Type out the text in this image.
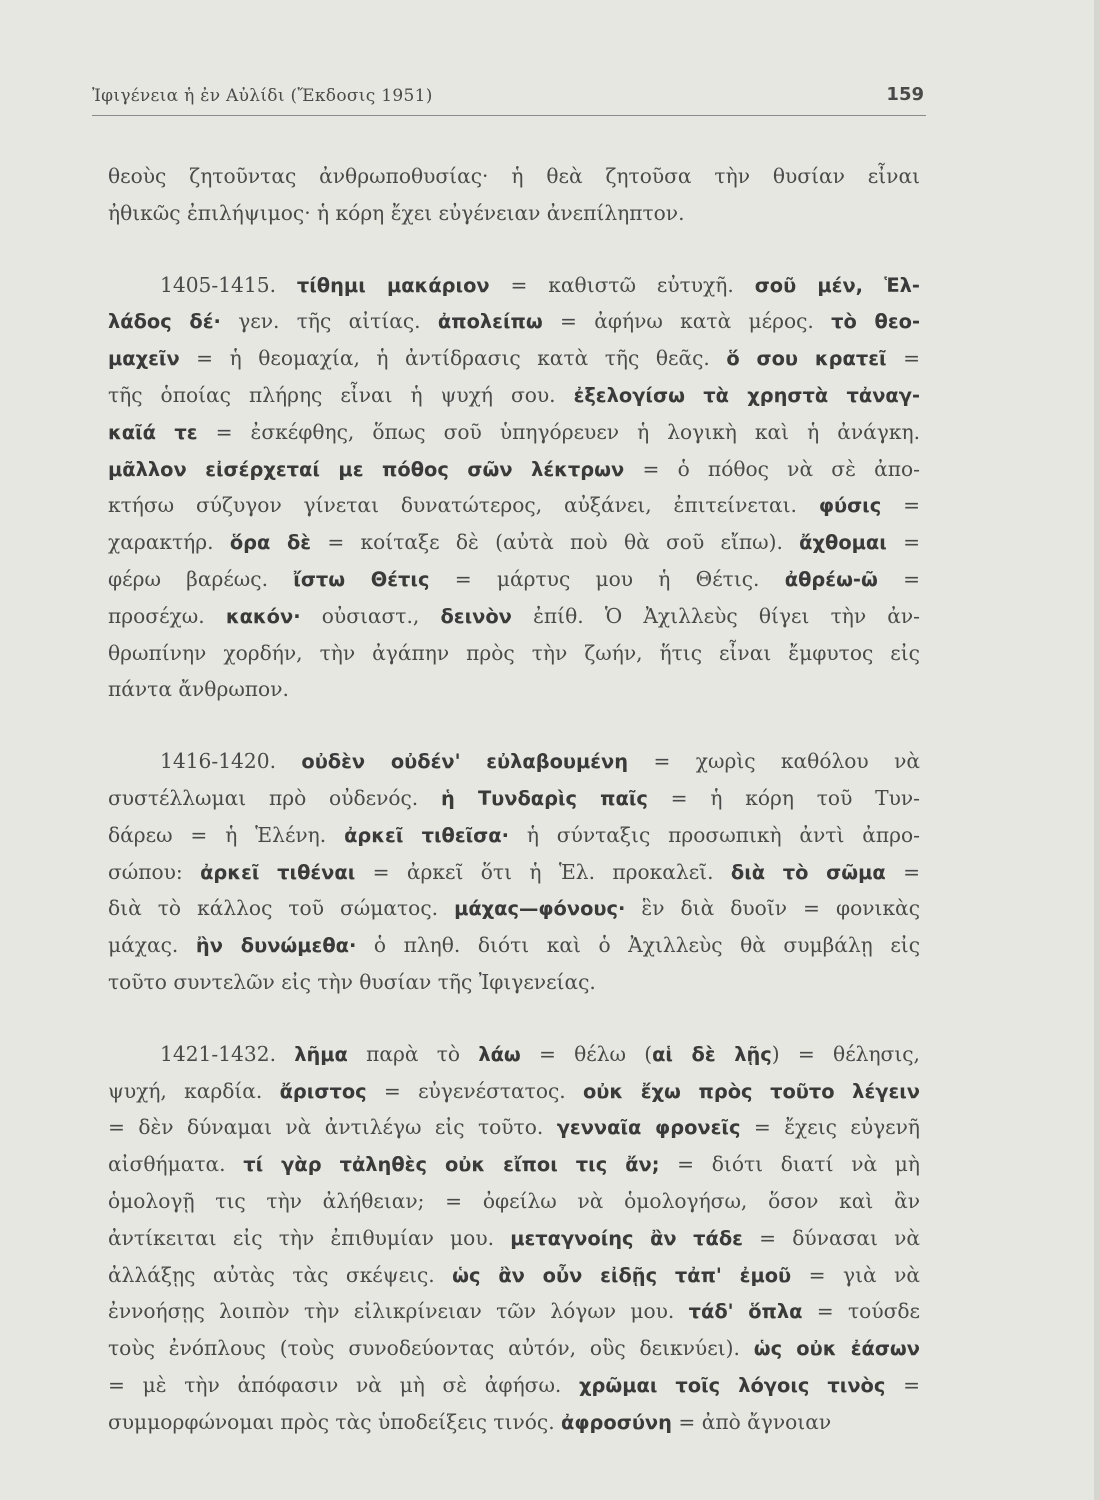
Ἰφιγένεια ἡ ἐν Αὐλίδι (Ἔκδοσις 1951)	159
θεοὺς ζητοῦντας ἀνθρωποθυσίας· ἡ θεὰ ζητοῦσα τὴν θυσίαν εἶναι
ἠθικῶς ἐπιλήψιμος· ἡ κόρη ἔχει εὐγένειαν ἀνεπίληπτον.
1405-1415. τίθημι μακάριον = καθιστῶ εὐτυχῆ. σοῦ μέν, Ἑλ-
λάδος δέ· γεν. τῆς αἰτίας. ἀπολείπω = ἀφήνω κατὰ μέρος. τὸ θεο-
μαχεῖν = ἡ θεομαχία, ἡ ἀντίδρασις κατὰ τῆς θεᾶς. ὅ σου κρατεῖ =
τῆς ὁποίας πλήρης εἶναι ἡ ψυχή σου. ἐξελογίσω τὰ χρηστὰ τἀναγ-
καῖά τε = ἐσκέφθης, ὅπως σοῦ ὑπηγόρευεν ἡ λογικὴ καὶ ἡ ἀνάγκη.
μᾶλλον εἰσέρχεταί με πόθος σῶν λέκτρων = ὁ πόθος νὰ σὲ ἀπο-
κτήσω σύζυγον γίνεται δυνατώτερος, αὐξάνει, ἐπιτείνεται. φύσις =
χαρακτήρ. ὅρα δὲ = κοίταξε δὲ (αὐτὰ ποὺ θὰ σοῦ εἴπω). ἄχθομαι =
φέρω βαρέως. ἴστω Θέτις = μάρτυς μου ἡ Θέτις. ἀθρέω-ῶ =
προσέχω. κακόν· οὐσιαστ., δεινὸν ἐπίθ. Ὁ Ἀχιλλεὺς θίγει τὴν ἀν-
θρωπίνην χορδήν, τὴν ἀγάπην πρὸς τὴν ζωήν, ἥτις εἶναι ἔμφυτος εἰς
πάντα ἄνθρωπον.
1416-1420. οὐδὲν οὐδέν' εὐλαβουμένη = χωρὶς καθόλου νὰ
συστέλλωμαι πρὸ οὐδενός. ἡ Τυνδαρὶς παῖς = ἡ κόρη τοῦ Τυν-
δάρεω = ἡ Ἑλένη. ἀρκεῖ τιθεῖσα· ἡ σύνταξις προσωπικὴ ἀντὶ ἀπρο-
σώπου: ἀρκεῖ τιθέναι = ἀρκεῖ ὅτι ἡ Ἑλ. προκαλεῖ. διὰ τὸ σῶμα =
διὰ τὸ κάλλος τοῦ σώματος. μάχας—φόνους· ἓν διὰ δυοῖν = φονικὰς
μάχας. ἢν δυνώμεθα· ὁ πληθ. διότι καὶ ὁ Ἀχιλλεὺς θὰ συμβάλῃ εἰς
τοῦτο συντελῶν εἰς τὴν θυσίαν τῆς Ἰφιγενείας.
1421-1432. λῆμα παρὰ τὸ λάω = θέλω (αἱ δὲ λῇς) = θέλησις,
ψυχή, καρδία. ἄριστος = εὐγενέστατος. οὐκ ἔχω πρὸς τοῦτο λέγειν
= δὲν δύναμαι νὰ ἀντιλέγω εἰς τοῦτο. γενναῖα φρονεῖς = ἔχεις εὐγενῆ
αἰσθήματα. τί γὰρ τἀληθὲς οὐκ εἴποι τις ἄν; = διότι διατί νὰ μὴ
ὁμολογῇ τις τὴν ἀλήθειαν; = ὀφείλω νὰ ὁμολογήσω, ὅσον καὶ ἂν
ἀντίκειται εἰς τὴν ἐπιθυμίαν μου. μεταγνοίης ἂν τάδε = δύνασαι νὰ
ἀλλάξῃς αὐτὰς τὰς σκέψεις. ὡς ἂν οὖν εἰδῇς τἀπ' ἐμοῦ = γιὰ νὰ
ἐννοήσῃς λοιπὸν τὴν εἰλικρίνειαν τῶν λόγων μου. τάδ' ὅπλα = τούσδε
τοὺς ἐνόπλους (τοὺς συνοδεύοντας αὐτόν, οὓς δεικνύει). ὡς οὐκ ἐάσων
= μὲ τὴν ἀπόφασιν νὰ μὴ σὲ ἀφήσω. χρῶμαι τοῖς λόγοις τινὸς =
συμμορφώνομαι πρὸς τὰς ὑποδείξεις τινός. ἀφροσύνη = ἀπὸ ἄγνοιαν
